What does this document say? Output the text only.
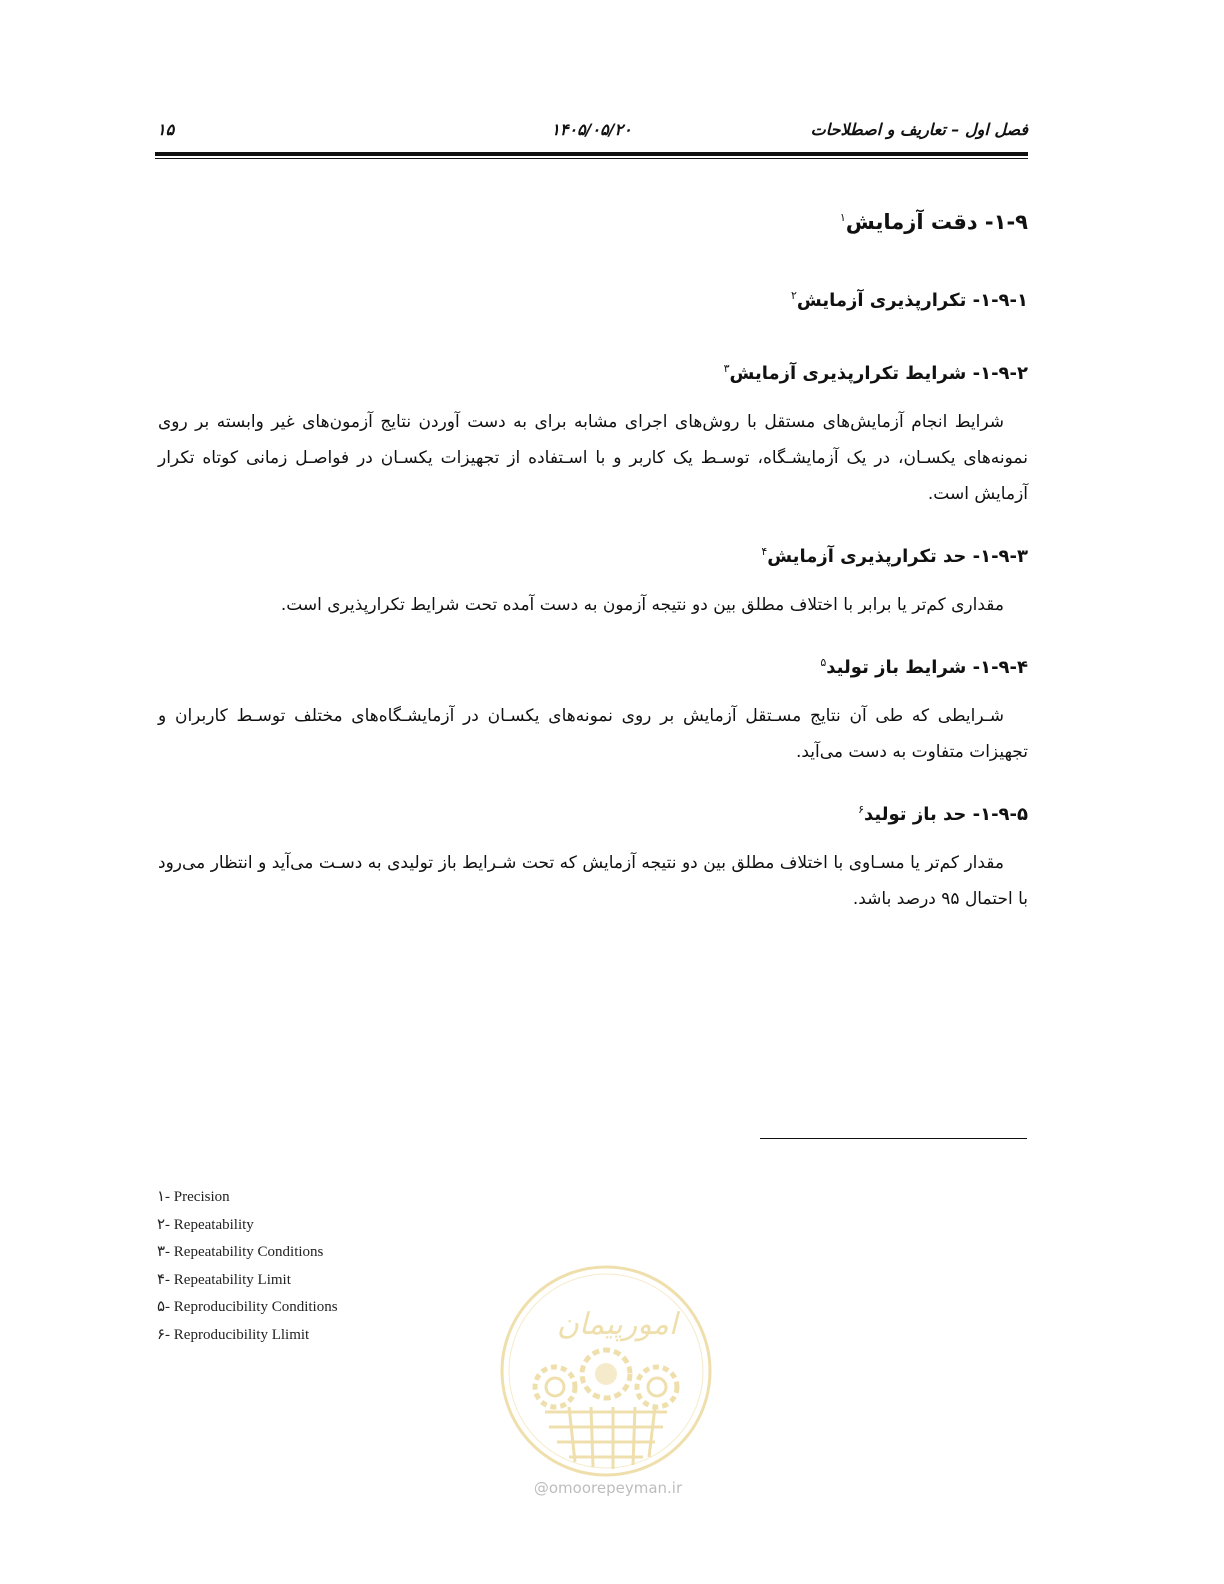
فصل اول – تعاریف و اصطلاحات
۱۴۰۵/۰۵/۲۰
۱۵
۱-۹- دقت آزمایش$^۱$
۱-۹-۱- تکرارپذیری آزمایش$^۲$
۱-۹-۲- شرایط تکرارپذیری آزمایش$^۳$

شرایط انجام آزمایش‌های مستقل با روش‌های اجرای مشابه برای به دست آوردن نتایج آزمون‌های غیر وابسته بر روی نمونه‌های یکسـان، در یک آزمایشـگاه، توسـط یک کاربر و با اسـتفاده از تجهیزات یکسـان در فواصـل زمانی کوتاه تکرار آزمایش است.

۱-۹-۳- حد تکرارپذیری آزمایش$^۴$

مقداری کم‌تر یا برابر با اختلاف مطلق بین دو نتیجه آزمون به دست آمده تحت شرایط تکرارپذیری است.

۱-۹-۴- شرایط باز تولید$^۵$

شـرایطی که طی آن نتایج مسـتقل آزمایش بر روی نمونه‌های یکسـان در آزمایشـگاه‌های مختلف توسـط کاربران و تجهیزات متفاوت به دست می‌آید.

۱-۹-۵- حد باز تولید$^۶$

مقدار کم‌تر یا مسـاوی با اختلاف مطلق بین دو نتیجه آزمایش که تحت شـرایط باز تولیدی به دسـت می‌آید و انتظار می‌رود با احتمال ۹۵ درصد باشد.

۱- Precision
۲- Repeatability
۳- Repeatability Conditions
۴- Repeatability Limit
۵- Reproducibility Conditions
۶- Reproducibility Llimit	امورپیمان
@omoorepeyman.ir
